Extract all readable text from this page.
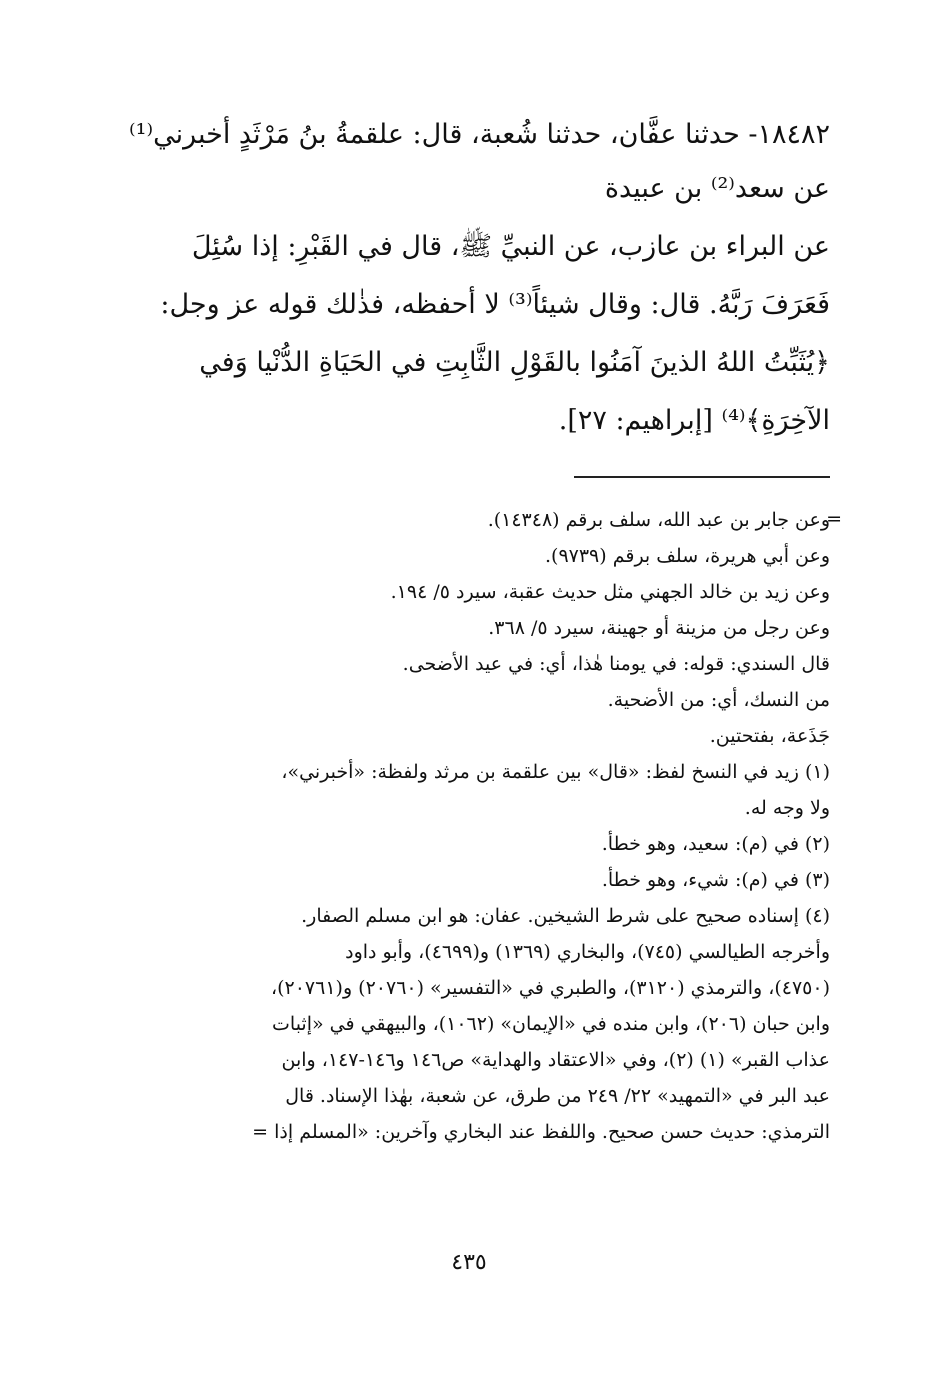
١٨٤٨٢- حدثنا عفَّان، حدثنا شُعبة، قال: علقمةُ بنُ مَرْثَدٍ أخبرني⁽¹⁾
عن سعد⁽²⁾ بن عبيدة
عن البراء بن عازب، عن النبيِّ ﷺ، قال في القَبْرِ: إذا سُئِلَ
فَعَرَفَ رَبَّهُ. قال: وقال شيئاً⁽³⁾ لا أحفظه، فذٰلك قوله عز وجل:
﴿يُثَبِّتُ اللهُ الذينَ آمَنُوا بالقَوْلِ الثَّابِتِ في الحَيَاةِ الدُّنْيا وَفي
الآخِرَةِ﴾⁽⁴⁾ [إبراهيم: ٢٧].
=
وعن جابر بن عبد الله، سلف برقم (١٤٣٤٨).
وعن أبي هريرة، سلف برقم (٩٧٣٩).
وعن زيد بن خالد الجهني مثل حديث عقبة، سيرد ٥/ ١٩٤.
وعن رجل من مزينة أو جهينة، سيرد ٥/ ٣٦٨.
قال السندي: قوله: في يومنا هٰذا، أي: في عيد الأضحى.
من النسك، أي: من الأضحية.
جَذَعة، بفتحتين.
(١) زيد في النسخ لفظ: «قال» بين علقمة بن مرثد ولفظة: «أخبرني»،
ولا وجه له.
(٢) في (م): سعيد، وهو خطأ.
(٣) في (م): شيء، وهو خطأ.
(٤) إسناده صحيح على شرط الشيخين. عفان: هو ابن مسلم الصفار.
وأخرجه الطيالسي (٧٤٥)، والبخاري (١٣٦٩) و(٤٦٩٩)، وأبو داود
(٤٧٥٠)، والترمذي (٣١٢٠)، والطبري في «التفسير» (٢٠٧٦٠) و(٢٠٧٦١)،
وابن حبان (٢٠٦)، وابن منده في «الإيمان» (١٠٦٢)، والبيهقي في «إثبات
عذاب القبر» (١) (٢)، وفي «الاعتقاد والهداية» ص١٤٦ و١٤٦-١٤٧، وابن
عبد البر في «التمهيد» ٢٢/ ٢٤٩ من طرق، عن شعبة، بهٰذا الإسناد. قال
الترمذي: حديث حسن صحيح. واللفظ عند البخاري وآخرين: «المسلم إذا =
٤٣٥
